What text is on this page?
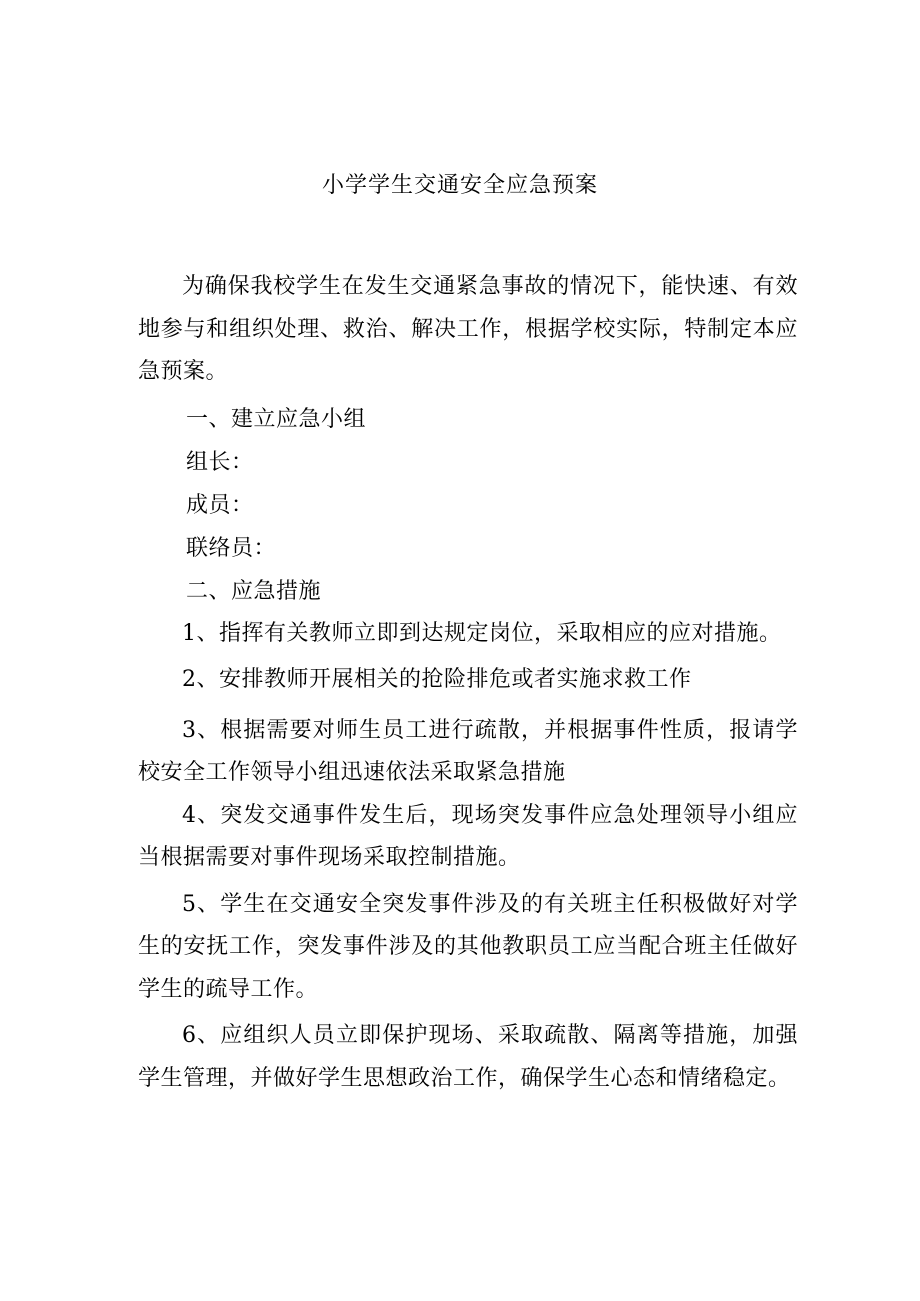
小学学生交通安全应急预案

为确保我校学生在发生交通紧急事故的情况下，能快速、有效地参与和组织处理、救治、解决工作，根据学校实际，特制定本应急预案。

一、建立应急小组

组长：

成员：

联络员：

二、应急措施

1、指挥有关教师立即到达规定岗位，采取相应的应对措施。

2、安排教师开展相关的抢险排危或者实施求救工作

3、根据需要对师生员工进行疏散，并根据事件性质，报请学校安全工作领导小组迅速依法采取紧急措施

4、突发交通事件发生后，现场突发事件应急处理领导小组应当根据需要对事件现场采取控制措施。

5、学生在交通安全突发事件涉及的有关班主任积极做好对学生的安抚工作，突发事件涉及的其他教职员工应当配合班主任做好学生的疏导工作。

6、应组织人员立即保护现场、采取疏散、隔离等措施，加强学生管理，并做好学生思想政治工作，确保学生心态和情绪稳定。
